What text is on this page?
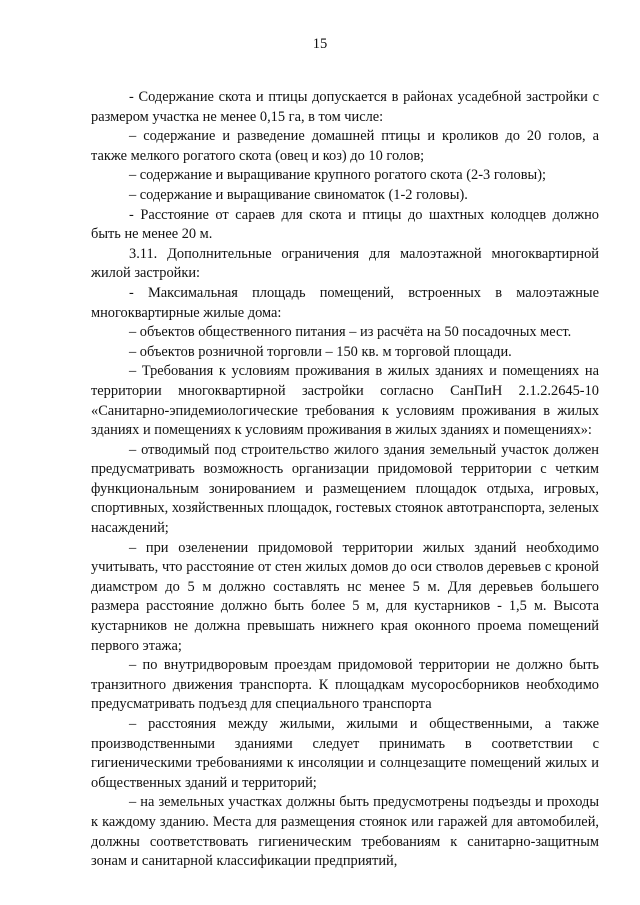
15

- Содержание скота и птицы допускается в районах усадебной застройки с размером участка не менее 0,15 га, в том числе:

– содержание и разведение домашней птицы и кроликов до 20 голов, а также мелкого рогатого скота (овец и коз) до 10 голов;

– содержание и выращивание крупного рогатого скота (2-3 головы);

– содержание и выращивание свиноматок (1-2 головы).

- Расстояние от сараев для скота и птицы до шахтных колодцев должно быть не менее 20 м.

3.11. Дополнительные ограничения для малоэтажной многоквартирной жилой застройки:

- Максимальная площадь помещений, встроенных в малоэтажные многоквартирные жилые дома:

– объектов общественного питания – из расчёта на 50 посадочных мест.

– объектов розничной торговли – 150 кв. м торговой площади.

– Требования к условиям проживания в жилых зданиях и помещениях на территории многоквартирной застройки согласно СанПиН 2.1.2.2645-10 «Санитарно-эпидемиологические требования к условиям проживания в жилых зданиях и помещениях к условиям проживания в жилых зданиях и помещениях»:

– отводимый под строительство жилого здания земельный участок должен предусматривать возможность организации придомовой территории с четким функциональным зонированием и размещением площадок отдыха, игровых, спортивных, хозяйственных площадок, гостевых стоянок автотранспорта, зеленых насаждений;

– при озеленении придомовой территории жилых зданий необходимо учитывать, что расстояние от стен жилых домов до оси стволов деревьев с кроной диамстром до 5 м должно составлять нс менее 5 м. Для деревьев большего размера расстояние должно быть более 5 м, для кустарников - 1,5 м. Высота кустарников не должна превышать нижнего края оконного проема помещений первого этажа;

– по внутридворовым проездам придомовой территории не должно быть транзитного движения транспорта. К площадкам мусоросборников необходимо предусматривать подъезд для специального транспорта

– расстояния между жилыми, жилыми и общественными, а также производственными зданиями следует принимать в соответствии с гигиеническими требованиями к инсоляции и солнцезащите помещений жилых и общественных зданий и территорий;

– на земельных участках должны быть предусмотрены подъезды и проходы к каждому зданию. Места для размещения стоянок или гаражей для автомобилей, должны соответствовать гигиеническим требованиям к санитарно-защитным зонам и санитарной классификации предприятий,
